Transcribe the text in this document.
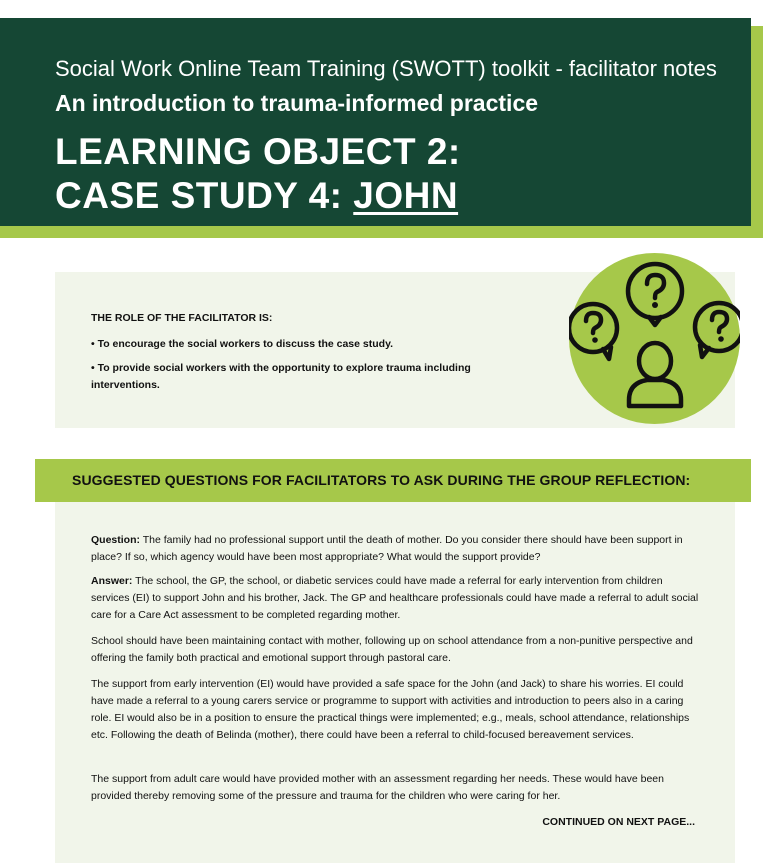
Social Work Online Team Training (SWOTT) toolkit - facilitator notes
An introduction to trauma-informed practice
LEARNING OBJECT 2:
CASE STUDY 4: JOHN
THE ROLE OF THE FACILITATOR IS:
• To encourage the social workers to discuss the case study.
• To provide social workers with the opportunity to explore trauma including interventions.
SUGGESTED QUESTIONS FOR FACILITATORS TO ASK DURING THE GROUP REFLECTION:

Question: The family had no professional support until the death of mother. Do you consider there should have been support in place? If so, which agency would have been most appropriate? What would the support provide?

Answer: The school, the GP, the school, or diabetic services could have made a referral for early intervention from children services (EI) to support John and his brother, Jack. The GP and healthcare professionals could have made a referral to adult social care for a Care Act assessment to be completed regarding mother.

School should have been maintaining contact with mother, following up on school attendance from a non-punitive perspective and offering the family both practical and emotional support through pastoral care.

The support from early intervention (EI) would have provided a safe space for the John (and Jack) to share his worries. EI could have made a referral to a young carers service or programme to support with activities and introduction to peers also in a caring role. EI would also be in a position to ensure the practical things were implemented; e.g., meals, school attendance, relationships etc. Following the death of Belinda (mother), there could have been a referral to child-focused bereavement services.

The support from adult care would have provided mother with an assessment regarding her needs. These would have been provided thereby removing some of the pressure and trauma for the children who were caring for her.

CONTINUED ON NEXT PAGE...
